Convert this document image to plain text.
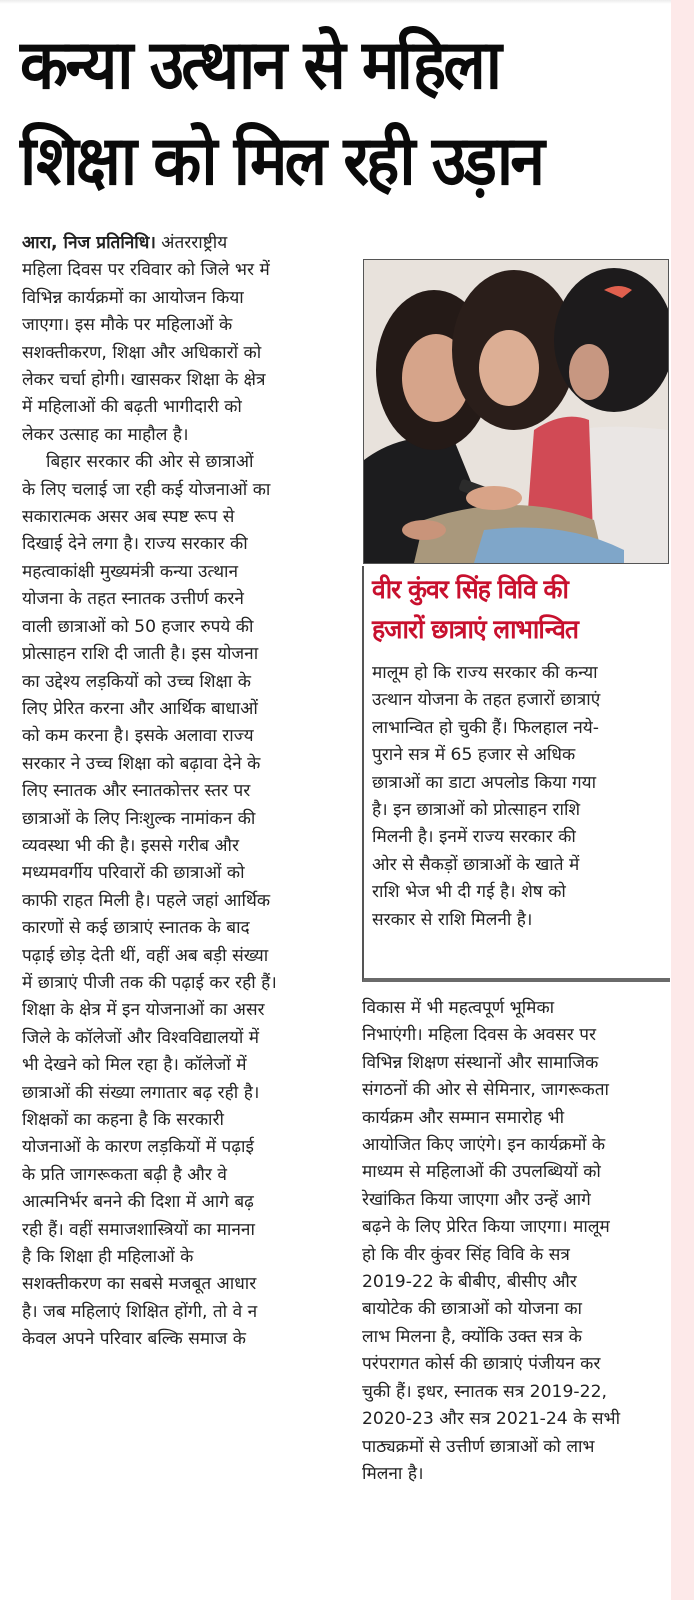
कन्या उत्थान से महिला
शिक्षा को मिल रही उड़ान

आरा, निज प्रतिनिधि। अंतरराष्ट्रीय
महिला दिवस पर रविवार को जिले भर में
विभिन्न कार्यक्रमों का आयोजन किया
जाएगा। इस मौके पर महिलाओं के
सशक्तीकरण, शिक्षा और अधिकारों को
लेकर चर्चा होगी। खासकर शिक्षा के क्षेत्र
में महिलाओं की बढ़ती भागीदारी को
लेकर उत्साह का माहौल है।

बिहार सरकार की ओर से छात्राओं
के लिए चलाई जा रही कई योजनाओं का
सकारात्मक असर अब स्पष्ट रूप से
दिखाई देने लगा है। राज्य सरकार की
महत्वाकांक्षी मुख्यमंत्री कन्या उत्थान
योजना के तहत स्नातक उत्तीर्ण करने
वाली छात्राओं को 50 हजार रुपये की
प्रोत्साहन राशि दी जाती है। इस योजना
का उद्देश्य लड़कियों को उच्च शिक्षा के
लिए प्रेरित करना और आर्थिक बाधाओं
को कम करना है। इसके अलावा राज्य
सरकार ने उच्च शिक्षा को बढ़ावा देने के
लिए स्नातक और स्नातकोत्तर स्तर पर
छात्राओं के लिए निःशुल्क नामांकन की
व्यवस्था भी की है। इससे गरीब और
मध्यमवर्गीय परिवारों की छात्राओं को
काफी राहत मिली है। पहले जहां आर्थिक
कारणों से कई छात्राएं स्नातक के बाद
पढ़ाई छोड़ देती थीं, वहीं अब बड़ी संख्या
में छात्राएं पीजी तक की पढ़ाई कर रही हैं।
शिक्षा के क्षेत्र में इन योजनाओं का असर
जिले के कॉलेजों और विश्वविद्यालयों में
भी देखने को मिल रहा है। कॉलेजों में
छात्राओं की संख्या लगातार बढ़ रही है।
शिक्षकों का कहना है कि सरकारी
योजनाओं के कारण लड़कियों में पढ़ाई
के प्रति जागरूकता बढ़ी है और वे
आत्मनिर्भर बनने की दिशा में आगे बढ़
रही हैं। वहीं समाजशास्त्रियों का मानना
है कि शिक्षा ही महिलाओं के
सशक्तीकरण का सबसे मजबूत आधार
है। जब महिलाएं शिक्षित होंगी, तो वे न
केवल अपने परिवार बल्कि समाज के

वीर कुंवर सिंह विवि की
हजारों छात्राएं लाभान्वित
मालूम हो कि राज्य सरकार की कन्या
उत्थान योजना के तहत हजारों छात्राएं
लाभान्वित हो चुकी हैं। फिलहाल नये-
पुराने सत्र में 65 हजार से अधिक
छात्राओं का डाटा अपलोड किया गया
है। इन छात्राओं को प्रोत्साहन राशि
मिलनी है। इनमें राज्य सरकार की
ओर से सैकड़ों छात्राओं के खाते में
राशि भेज भी दी गई है। शेष को
सरकार से राशि मिलनी है।

विकास में भी महत्वपूर्ण भूमिका
निभाएंगी। महिला दिवस के अवसर पर
विभिन्न शिक्षण संस्थानों और सामाजिक
संगठनों की ओर से सेमिनार, जागरूकता
कार्यक्रम और सम्मान समारोह भी
आयोजित किए जाएंगे। इन कार्यक्रमों के
माध्यम से महिलाओं की उपलब्धियों को
रेखांकित किया जाएगा और उन्हें आगे
बढ़ने के लिए प्रेरित किया जाएगा। मालूम
हो कि वीर कुंवर सिंह विवि के सत्र
2019-22 के बीबीए, बीसीए और
बायोटेक की छात्राओं को योजना का
लाभ मिलना है, क्योंकि उक्त सत्र के
परंपरागत कोर्स की छात्राएं पंजीयन कर
चुकी हैं। इधर, स्नातक सत्र 2019-22,
2020-23 और सत्र 2021-24 के सभी
पाठ्यक्रमों से उत्तीर्ण छात्राओं को लाभ
मिलना है।
